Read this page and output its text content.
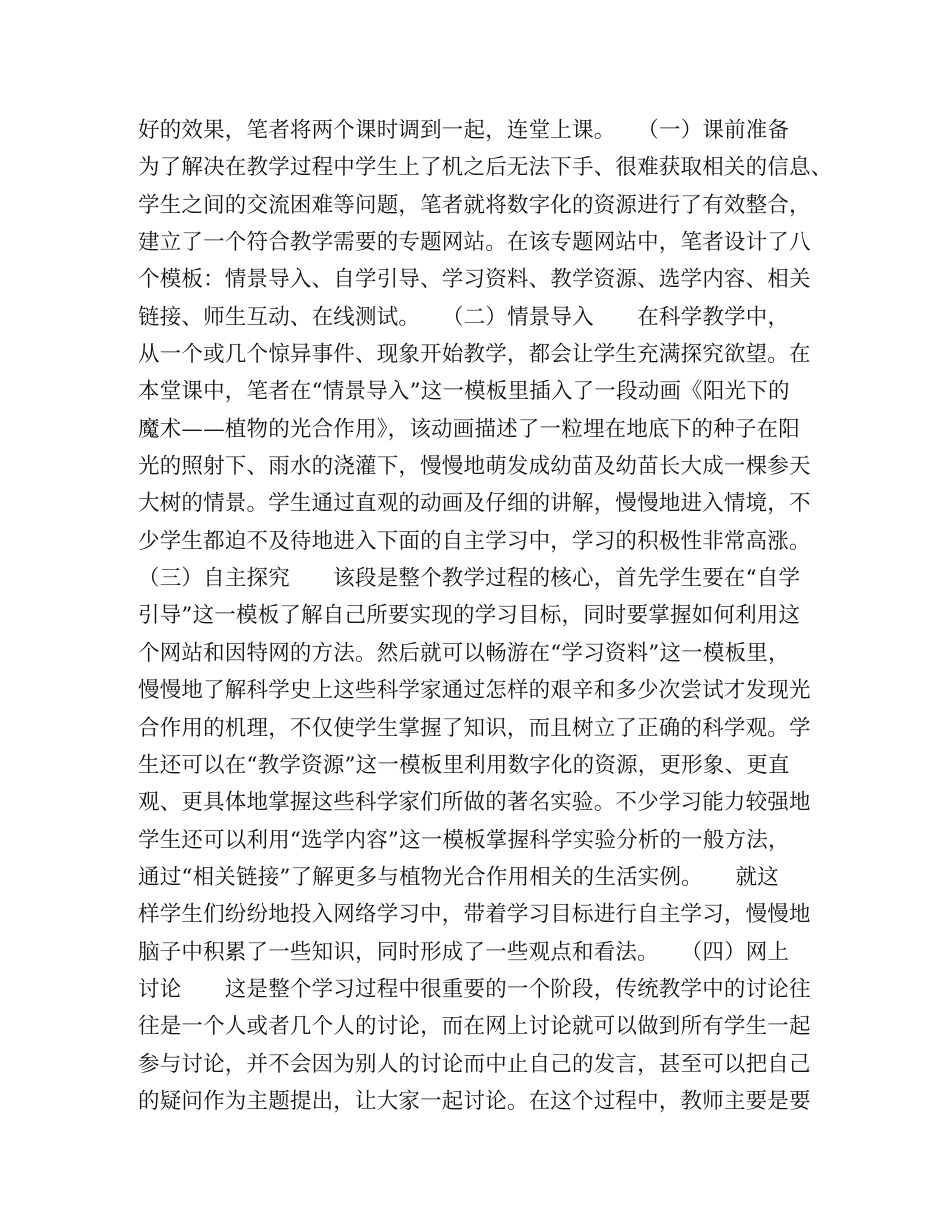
好的效果，笔者将两个课时调到一起，连堂上课。　　（一）课前准备
为了解决在教学过程中学生上了机之后无法下手、很难获取相关的信息、
学生之间的交流困难等问题，笔者就将数字化的资源进行了有效整合，
建立了一个符合教学需要的专题网站。在该专题网站中，笔者设计了八
个模板：情景导入、自学引导、学习资料、教学资源、选学内容、相关
链接、师生互动、在线测试。　　（二）情景导入　　在科学教学中，
从一个或几个惊异事件、现象开始教学，都会让学生充满探究欲望。在
本堂课中，笔者在“情景导入”这一模板里插入了一段动画《阳光下的
魔术——植物的光合作用》，该动画描述了一粒埋在地底下的种子在阳
光的照射下、雨水的浇灌下，慢慢地萌发成幼苗及幼苗长大成一棵参天
大树的情景。学生通过直观的动画及仔细的讲解，慢慢地进入情境，不
少学生都迫不及待地进入下面的自主学习中，学习的积极性非常高涨。
（三）自主探究　　该段是整个教学过程的核心，首先学生要在“自学
引导”这一模板了解自己所要实现的学习目标，同时要掌握如何利用这
个网站和因特网的方法。然后就可以畅游在“学习资料”这一模板里，
慢慢地了解科学史上这些科学家通过怎样的艰辛和多少次尝试才发现光
合作用的机理，不仅使学生掌握了知识，而且树立了正确的科学观。学
生还可以在“教学资源”这一模板里利用数字化的资源，更形象、更直
观、更具体地掌握这些科学家们所做的著名实验。不少学习能力较强地
学生还可以利用“选学内容”这一模板掌握科学实验分析的一般方法，
通过“相关链接”了解更多与植物光合作用相关的生活实例。　　就这
样学生们纷纷地投入网络学习中，带着学习目标进行自主学习，慢慢地
脑子中积累了一些知识，同时形成了一些观点和看法。　　（四）网上
讨论　　这是整个学习过程中很重要的一个阶段，传统教学中的讨论往
往是一个人或者几个人的讨论，而在网上讨论就可以做到所有学生一起
参与讨论，并不会因为别人的讨论而中止自己的发言，甚至可以把自己
的疑问作为主题提出，让大家一起讨论。在这个过程中，教师主要是要
